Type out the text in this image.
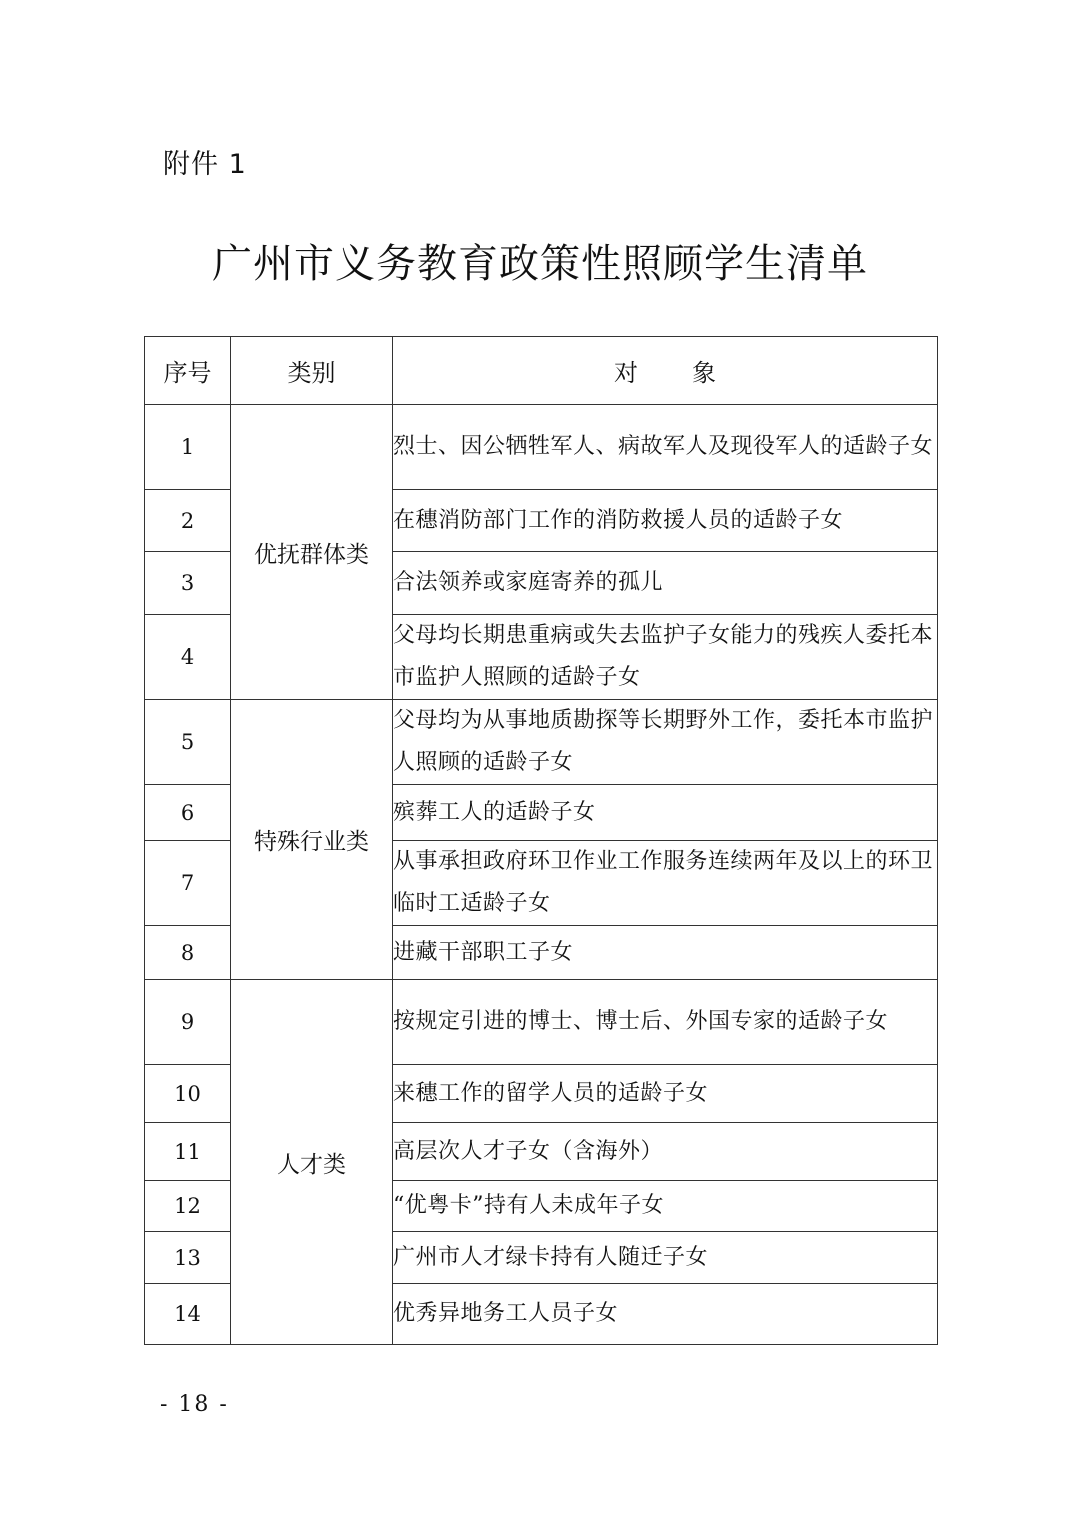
附件 1
广州市义务教育政策性照顾学生清单
序号	类别	对 象
1	优抚群体类	烈士、因公牺牲军人、病故军人及现役军人的适龄子女
2		在穗消防部门工作的消防救援人员的适龄子女
3		合法领养或家庭寄养的孤儿
4		父母均长期患重病或失去监护子女能力的残疾人委托本市监护人照顾的适龄子女
5	特殊行业类	父母均为从事地质勘探等长期野外工作，委托本市监护人照顾的适龄子女
6		殡葬工人的适龄子女
7		从事承担政府环卫作业工作服务连续两年及以上的环卫临时工适龄子女
8		进藏干部职工子女
9	人才类	按规定引进的博士、博士后、外国专家的适龄子女
10		来穗工作的留学人员的适龄子女
11		高层次人才子女（含海外）
12		“优粤卡”持有人未成年子女
13		广州市人才绿卡持有人随迁子女
14		优秀异地务工人员子女
- 18 -
